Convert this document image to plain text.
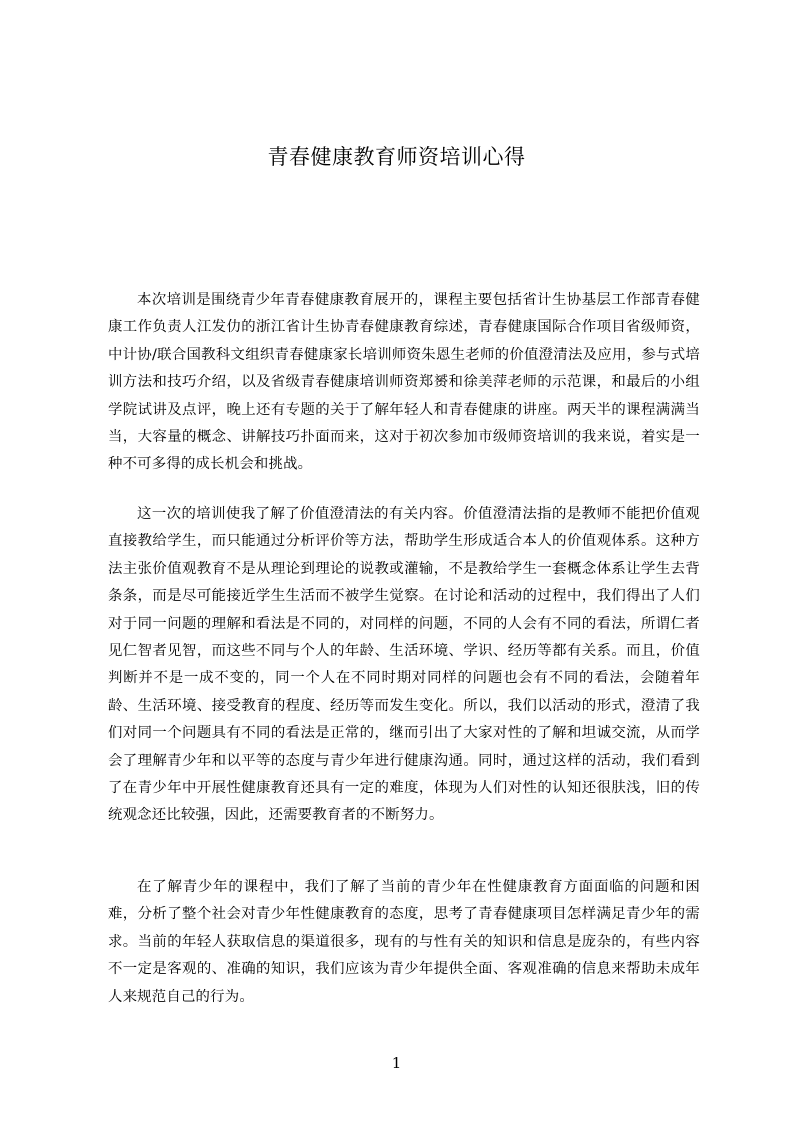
青春健康教育师资培训心得

本次培训是围绕青少年青春健康教育展开的，课程主要包括省计生协基层工作部青春健康工作负责人江发仂的浙江省计生协青春健康教育综述，青春健康国际合作项目省级师资，中计协/联合国教科文组织青春健康家长培训师资朱恩生老师的价值澄清法及应用，参与式培训方法和技巧介绍，以及省级青春健康培训师资郑赟和徐美萍老师的示范课，和最后的小组学院试讲及点评，晚上还有专题的关于了解年轻人和青春健康的讲座。两天半的课程满满当当，大容量的概念、讲解技巧扑面而来，这对于初次参加市级师资培训的我来说，着实是一种不可多得的成长机会和挑战。

这一次的培训使我了解了价值澄清法的有关内容。价值澄清法指的是教师不能把价值观直接教给学生，而只能通过分析评价等方法，帮助学生形成适合本人的价值观体系。这种方法主张价值观教育不是从理论到理论的说教或灌输，不是教给学生一套概念体系让学生去背条条，而是尽可能接近学生生活而不被学生觉察。在讨论和活动的过程中，我们得出了人们对于同一问题的理解和看法是不同的，对同样的问题，不同的人会有不同的看法，所谓仁者见仁智者见智，而这些不同与个人的年龄、生活环境、学识、经历等都有关系。而且，价值判断并不是一成不变的，同一个人在不同时期对同样的问题也会有不同的看法，会随着年龄、生活环境、接受教育的程度、经历等而发生变化。所以，我们以活动的形式，澄清了我们对同一个问题具有不同的看法是正常的，继而引出了大家对性的了解和坦诚交流，从而学会了理解青少年和以平等的态度与青少年进行健康沟通。同时，通过这样的活动，我们看到了在青少年中开展性健康教育还具有一定的难度，体现为人们对性的认知还很肤浅，旧的传统观念还比较强，因此，还需要教育者的不断努力。

在了解青少年的课程中，我们了解了当前的青少年在性健康教育方面面临的问题和困难，分析了整个社会对青少年性健康教育的态度，思考了青春健康项目怎样满足青少年的需求。当前的年轻人获取信息的渠道很多，现有的与性有关的知识和信息是庞杂的，有些内容不一定是客观的、准确的知识，我们应该为青少年提供全面、客观准确的信息来帮助未成年人来规范自己的行为。

1
